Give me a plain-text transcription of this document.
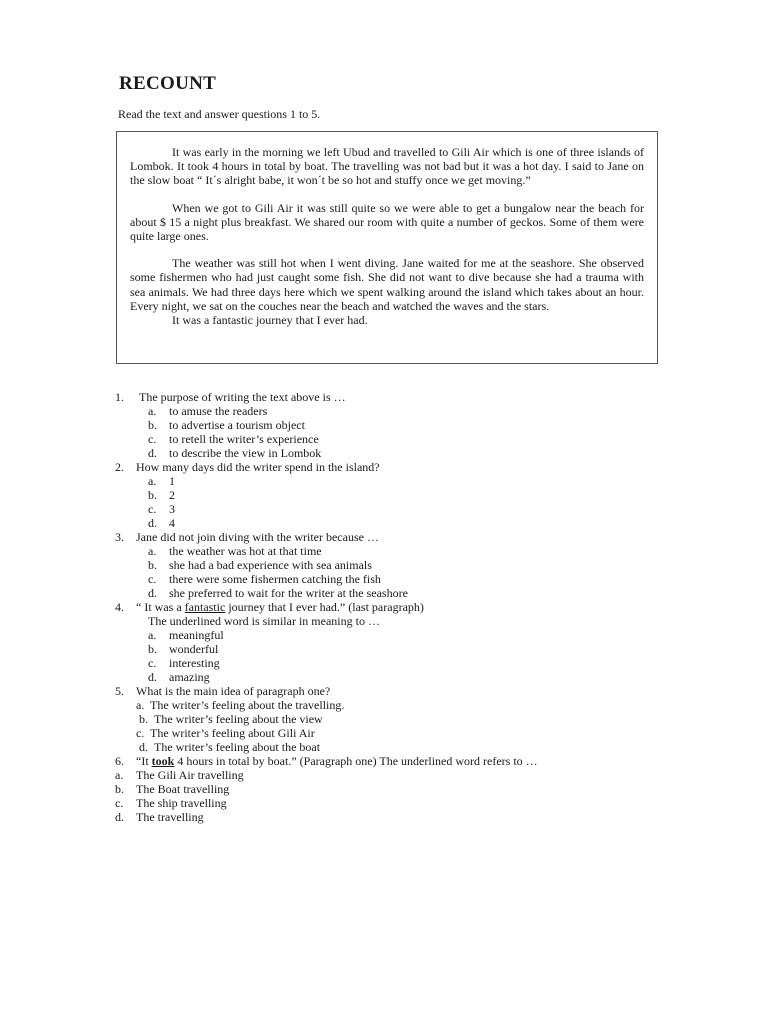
RECOUNT
Read the text and answer questions 1 to 5.

It was early in the morning we left Ubud and travelled to Gili Air which is one of three islands of Lombok. It took 4 hours in total by boat. The travelling was not bad but it was a hot day. I said to Jane on the slow boat “ It´s alright babe, it won´t be so hot and stuffy once we get moving.”

When we got to Gili Air it was still quite so we were able to get a bungalow near the beach for about $ 15 a night plus breakfast. We shared our room with quite a number of geckos. Some of them were quite large ones.

The weather was still hot when I went diving. Jane waited for me at the seashore. She observed some fishermen who had just caught some fish. She did not want to dive because she had a trauma with sea animals. We had three days here which we spent walking around the island which takes about an hour. Every night, we sat on the couches near the beach and watched the waves and the stars.

It was a fantastic journey that I ever had.

1. The purpose of writing the text above is …
a. to amuse the readers
b. to advertise a tourism object
c. to retell the writer’s experience
d. to describe the view in Lombok
2. How many days did the writer spend in the island?
a. 1
b. 2
c. 3
d. 4
3. Jane did not join diving with the writer because …
a. the weather was hot at that time
b. she had a bad experience with sea animals
c. there were some fishermen catching the fish
d. she preferred to wait for the writer at the seashore
4. “ It was a fantastic journey that I ever had.” (last paragraph)
The underlined word is similar in meaning to …
a. meaningful
b. wonderful
c. interesting
d. amazing
5. What is the main idea of paragraph one?
a. The writer’s feeling about the travelling.
b. The writer’s feeling about the view
c. The writer’s feeling about Gili Air
d. The writer’s feeling about the boat
6. “It took 4 hours in total by boat.” (Paragraph one) The underlined word refers to …
a. The Gili Air travelling
b. The Boat travelling
c. The ship travelling
d. The travelling
